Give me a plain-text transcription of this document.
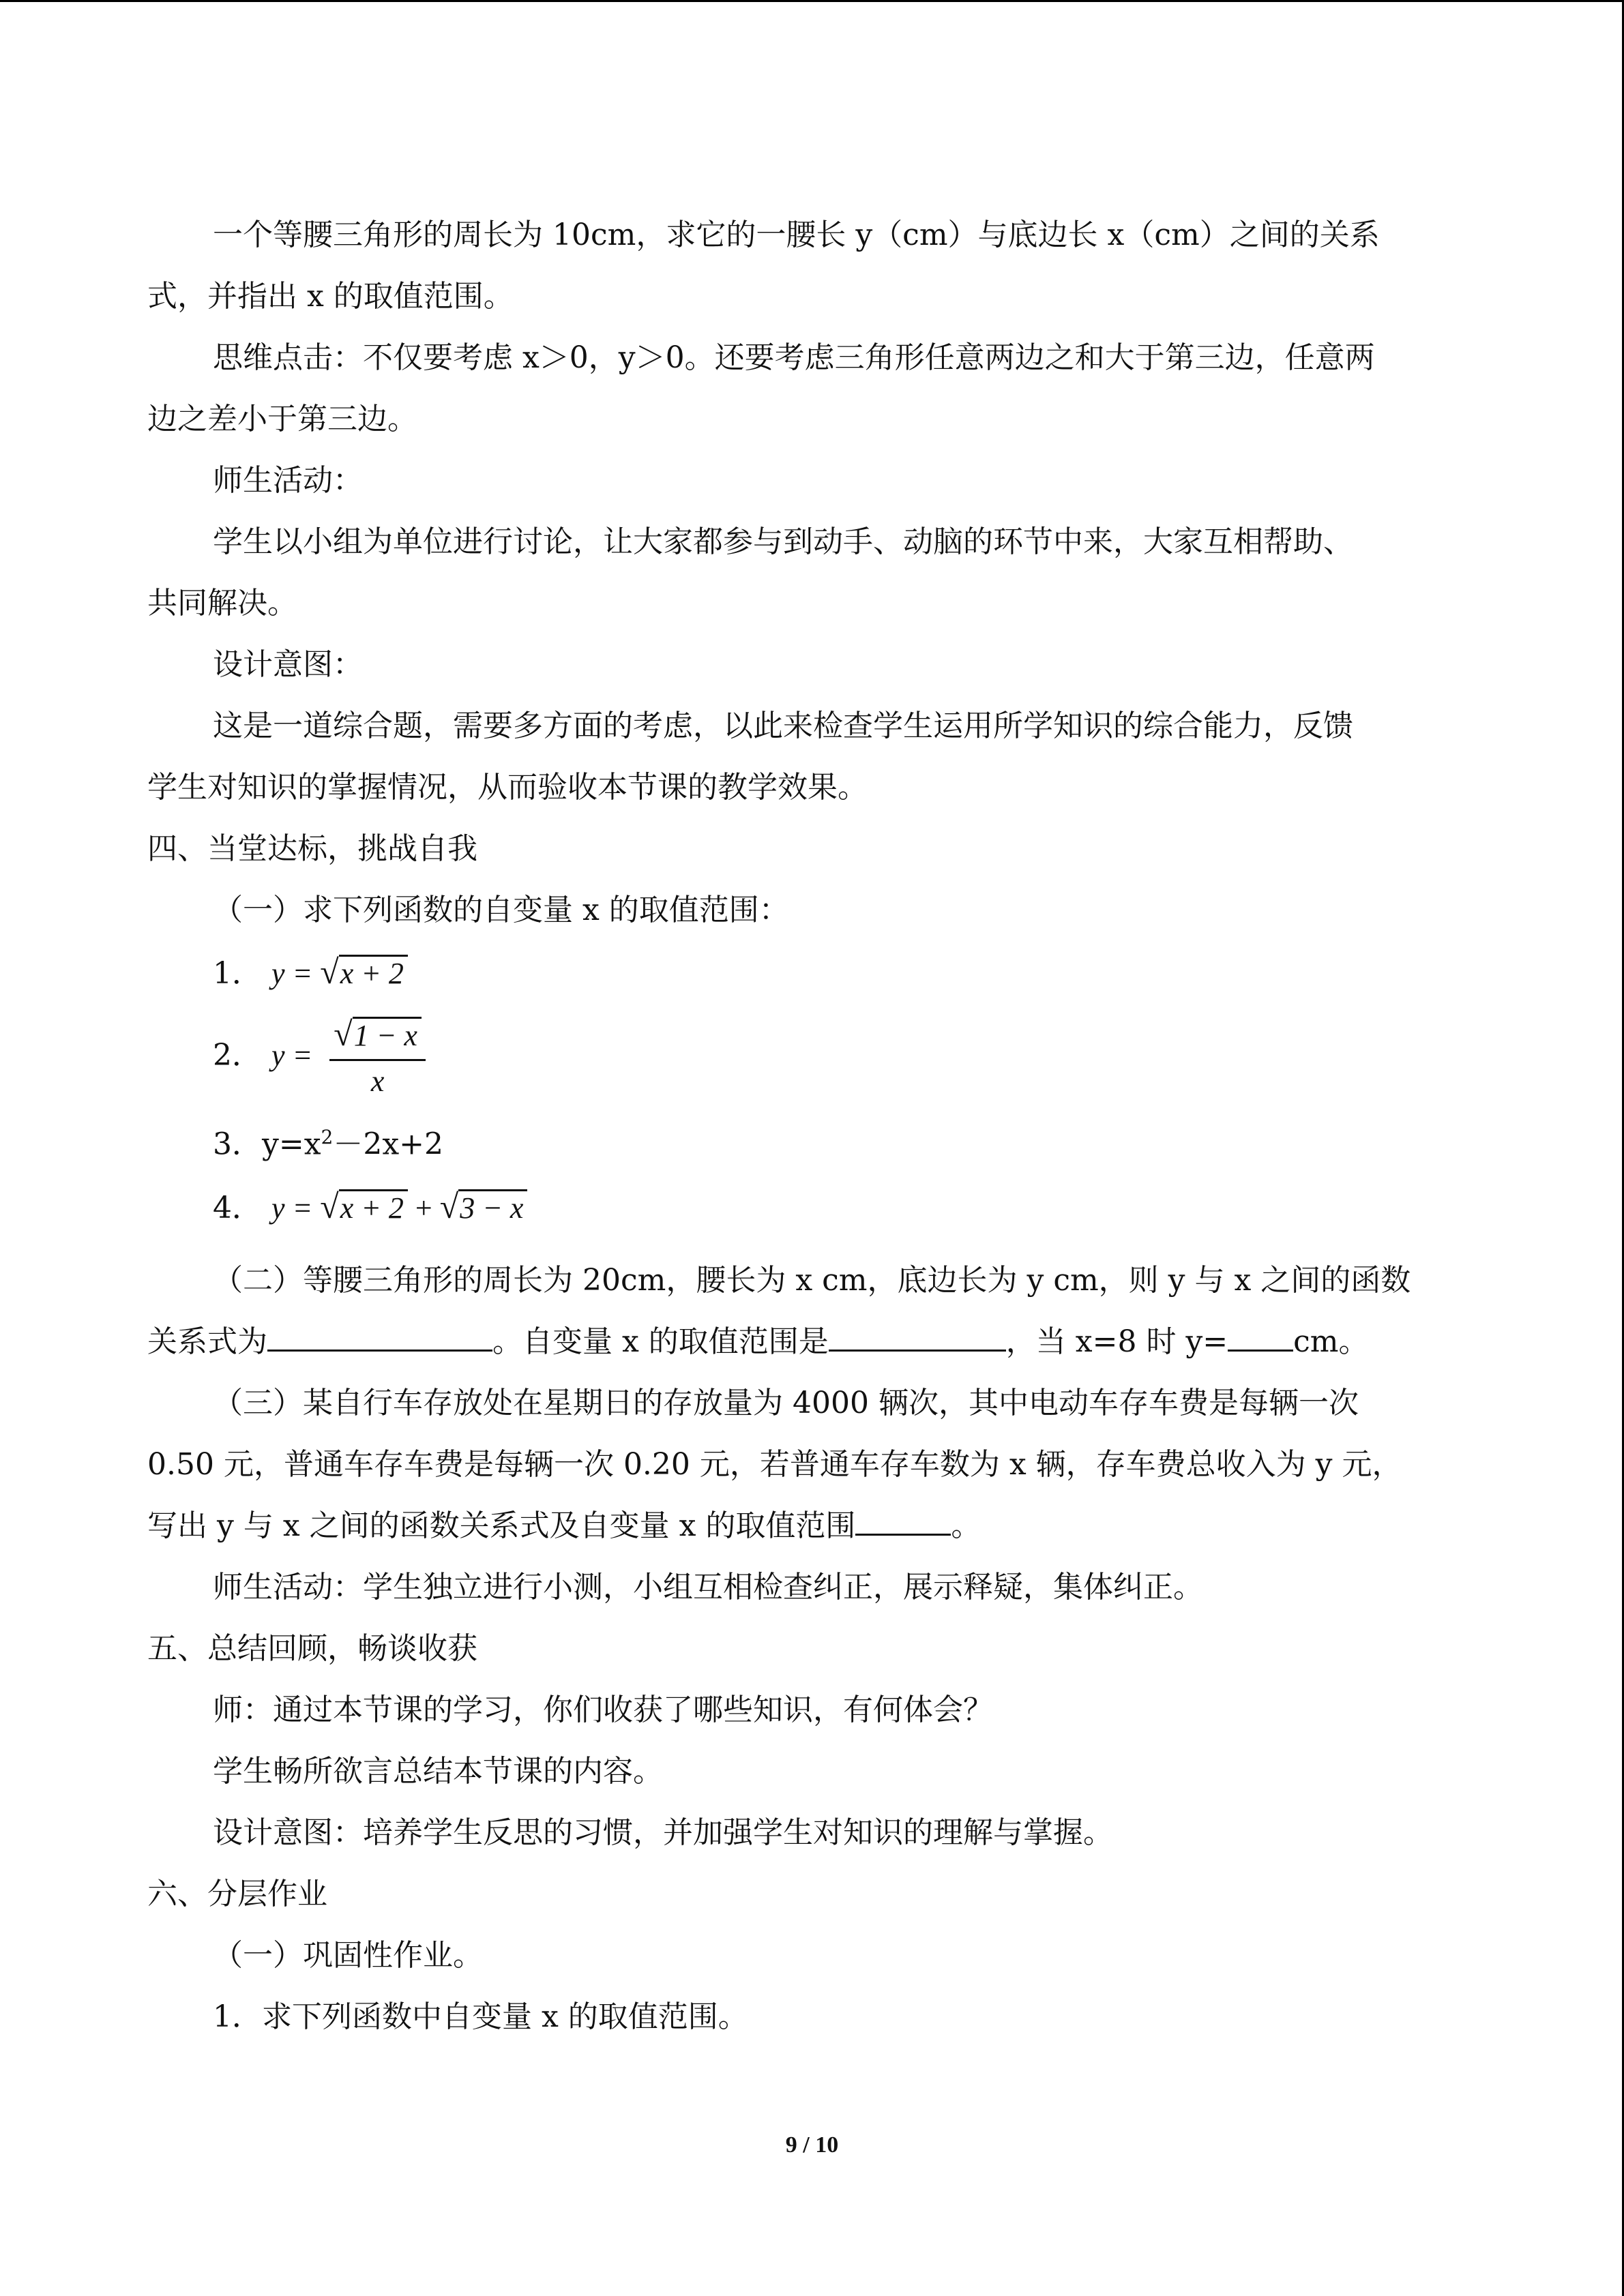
一个等腰三角形的周长为 10cm，求它的一腰长 y（cm）与底边长 x（cm）之间的关系

式，并指出 x 的取值范围。

思维点击：不仅要考虑 x＞0，y＞0。还要考虑三角形任意两边之和大于第三边，任意两

边之差小于第三边。

师生活动：

学生以小组为单位进行讨论，让大家都参与到动手、动脑的环节中来，大家互相帮助、

共同解决。

设计意图：

这是一道综合题，需要多方面的考虑，以此来检查学生运用所学知识的综合能力，反馈

学生对知识的掌握情况，从而验收本节课的教学效果。

四、当堂达标，挑战自我

（一）求下列函数的自变量 x 的取值范围：

1． y = √x + 2

2． $y = \frac{√1 - x}{x}$

3．$y=x^2-2x+2$

4． y = √x + 2 + √3 − x

（二）等腰三角形的周长为 20cm，腰长为 x cm，底边长为 y cm，则 y 与 x 之间的函数

关系式为	。自变量 x 的取值范围是	，当 x=8 时 y= cm。

（三）某自行车存放处在星期日的存放量为 4000 辆次，其中电动车存车费是每辆一次

0.50 元，普通车存车费是每辆一次 0.20 元，若普通车存车数为 x 辆，存车费总收入为 y 元，

写出 y 与 x 之间的函数关系式及自变量 x 的取值范围	。

师生活动：学生独立进行小测，小组互相检查纠正，展示释疑，集体纠正。

五、总结回顾，畅谈收获

师：通过本节课的学习，你们收获了哪些知识，有何体会？

学生畅所欲言总结本节课的内容。

设计意图：培养学生反思的习惯，并加强学生对知识的理解与掌握。

六、分层作业

（一）巩固性作业。

1．求下列函数中自变量 x 的取值范围。

9 / 10
